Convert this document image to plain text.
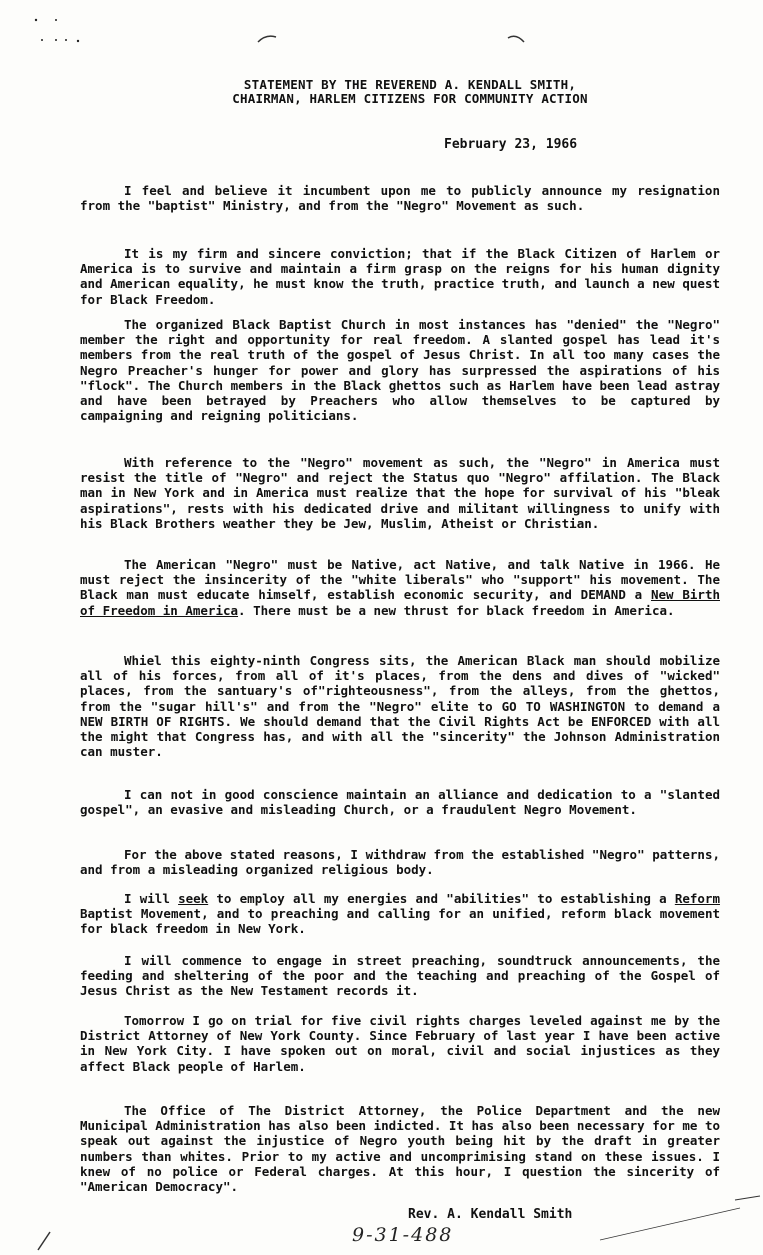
STATEMENT BY THE REVEREND A. KENDALL SMITH,
CHAIRMAN, HARLEM CITIZENS FOR COMMUNITY ACTION
February 23, 1966

I feel and believe it incumbent upon me to publicly announce my resignation from the "baptist" Ministry, and from the "Negro" Movement as such.

It is my firm and sincere conviction; that if the Black Citizen of Harlem or America is to survive and maintain a firm grasp on the reigns for his human dignity and American equality, he must know the truth, practice truth, and launch a new quest for Black Freedom.

The organized Black Baptist Church in most instances has "denied" the "Negro" member the right and opportunity for real freedom. A slanted gospel has lead it's members from the real truth of the gospel of Jesus Christ. In all too many cases the Negro Preacher's hunger for power and glory has surpressed the aspirations of his "flock". The Church members in the Black ghettos such as Harlem have been lead astray and have been betrayed by Preachers who allow themselves to be captured by campaigning and reigning politicians.

With reference to the "Negro" movement as such, the "Negro" in America must resist the title of "Negro" and reject the Status quo "Negro" affilation. The Black man in New York and in America must realize that the hope for survival of his "bleak aspirations", rests with his dedicated drive and militant willingness to unify with his Black Brothers weather they be Jew, Muslim, Atheist or Christian.

The American "Negro" must be Native, act Native, and talk Native in 1966. He must reject the insincerity of the "white liberals" who "support" his movement. The Black man must educate himself, establish economic security, and DEMAND a New Birth of Freedom in America. There must be a new thrust for black freedom in America.

Whiel this eighty-ninth Congress sits, the American Black man should mobilize all of his forces, from all of it's places, from the dens and dives of "wicked" places, from the santuary's of"righteousness", from the alleys, from the ghettos, from the "sugar hill's" and from the "Negro" elite to GO TO WASHINGTON to demand a NEW BIRTH OF RIGHTS. We should demand that the Civil Rights Act be ENFORCED with all the might that Congress has, and with all the "sincerity" the Johnson Administration can muster.

I can not in good conscience maintain an alliance and dedication to a "slanted gospel", an evasive and misleading Church, or a fraudulent Negro Movement.

For the above stated reasons, I withdraw from the established "Negro" patterns, and from a misleading organized religious body.

I will seek to employ all my energies and "abilities" to establishing a Reform Baptist Movement, and to preaching and calling for an unified, reform black movement for black freedom in New York.

I will commence to engage in street preaching, soundtruck announcements, the feeding and sheltering of the poor and the teaching and preaching of the Gospel of Jesus Christ as the New Testament records it.

Tomorrow I go on trial for five civil rights charges leveled against me by the District Attorney of New York County. Since February of last year I have been active in New York City. I have spoken out on moral, civil and social injustices as they affect Black people of Harlem.

The Office of The District Attorney, the Police Department and the new Municipal Administration has also been indicted. It has also been necessary for me to speak out against the injustice of Negro youth being hit by the draft in greater numbers than whites. Prior to my active and uncomprimising stand on these issues. I knew of no police or Federal charges. At this hour, I question the sincerity of "American Democracy".

Rev. A. Kendall Smith
9-31-488
